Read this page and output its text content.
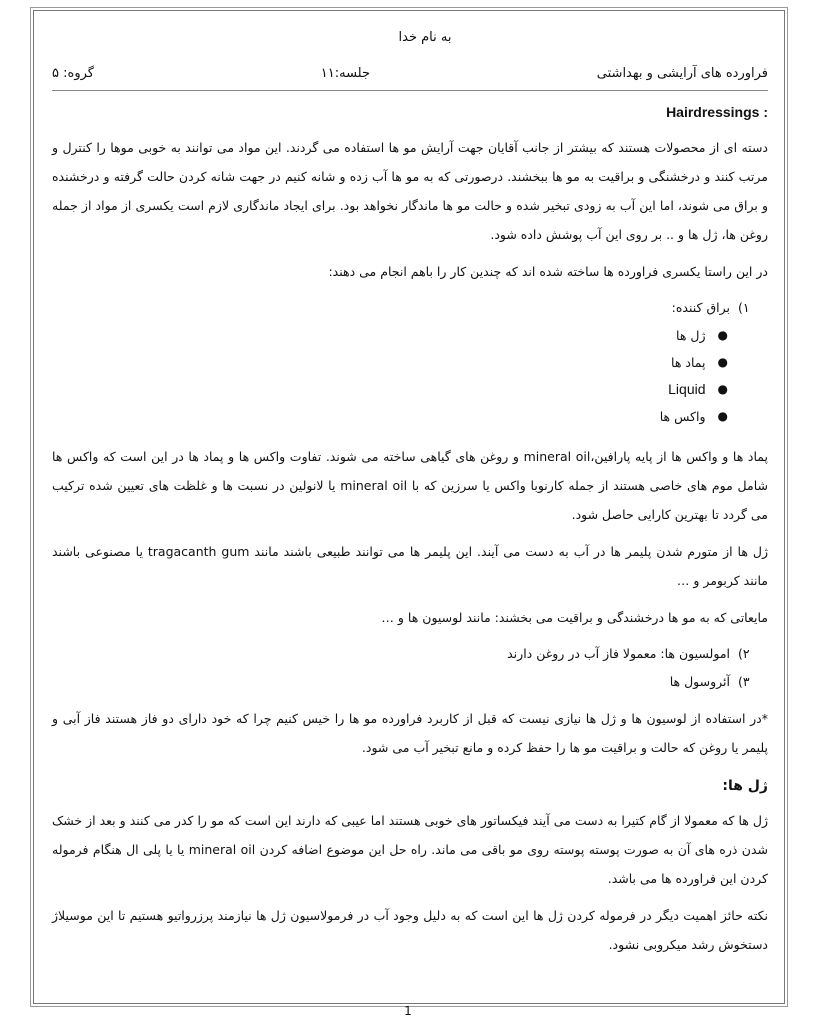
به نام خدا
فراورده های آرایشی و بهداشتی
جلسه:۱۱
گروه: ۵
Hairdressings :

دسته ای از محصولات هستند که بیشتر از جانب آقایان جهت آرایش مو ها استفاده می گردند. این مواد می توانند به خوبی موها را کنترل و مرتب کنند و درخشنگی و براقیت به مو ها ببخشند. درصورتی که به مو ها آب زده و شانه کنیم در جهت شانه کردن حالت گرفته و درخشنده و براق می شوند، اما این آب به زودی تبخیر شده و حالت مو ها ماندگار نخواهد بود. برای ایجاد ماندگاری لازم است یکسری از مواد از جمله روغن ها، ژل ها و .. بر روی این آب پوشش داده شود.

در این راستا یکسری فراورده ها ساخته شده اند که چندین کار را باهم انجام می دهند:

۱)
براق کننده:
●
ژل ها
●
پماد ها
●
Liquid
●
واکس ها

پماد ها و واکس ها از پایه پارافین،mineral oil و روغن های گیاهی ساخته می شوند. تفاوت واکس ها و پماد ها در این است که واکس ها شامل موم های خاصی هستند از جمله کارنوبا واکس یا سرزین که با mineral oil یا لانولین در نسبت ها و غلظت های تعیین شده ترکیب می گردد تا بهترین کارایی حاصل شود.

ژل ها از متورم شدن پلیمر ها در آب به دست می آیند. این پلیمر ها می توانند طبیعی باشند مانند tragacanth gum یا مصنوعی باشند مانند کربومر و …

مایعاتی که به مو ها درخشندگی و براقیت می بخشند: مانند لوسیون ها و …

۲)
امولسیون ها: معمولا فاز آب در روغن دارند
۳)
آئروسول ها

*در استفاده از لوسیون ها و ژل ها نیازی نیست که قبل از کاربرد فراورده مو ها را خیس کنیم چرا که خود دارای دو فاز هستند فاز آبی و پلیمر یا روغن که حالت و براقیت مو ها را حفظ کرده و مانع تبخیر آب می شود.

ژل ها:

ژل ها که معمولا از گام کتیرا به دست می آیند فیکساتور های خوبی هستند اما عیبی که دارند این است که مو را کدر می کنند و بعد از خشک شدن ذره های آن به صورت پوسته پوسته روی مو باقی می ماند. راه حل این موضوع اضافه کردن mineral oil یا یا پلی ال هنگام فرموله کردن این فراورده ها می باشد.

نکته حائز اهمیت دیگر در فرموله کردن ژل ها این است که به دلیل وجود آب در فرمولاسیون ژل ها نیازمند پرزرواتیو هستیم تا این موسیلاژ دستخوش رشد میکروبی نشود.

1
